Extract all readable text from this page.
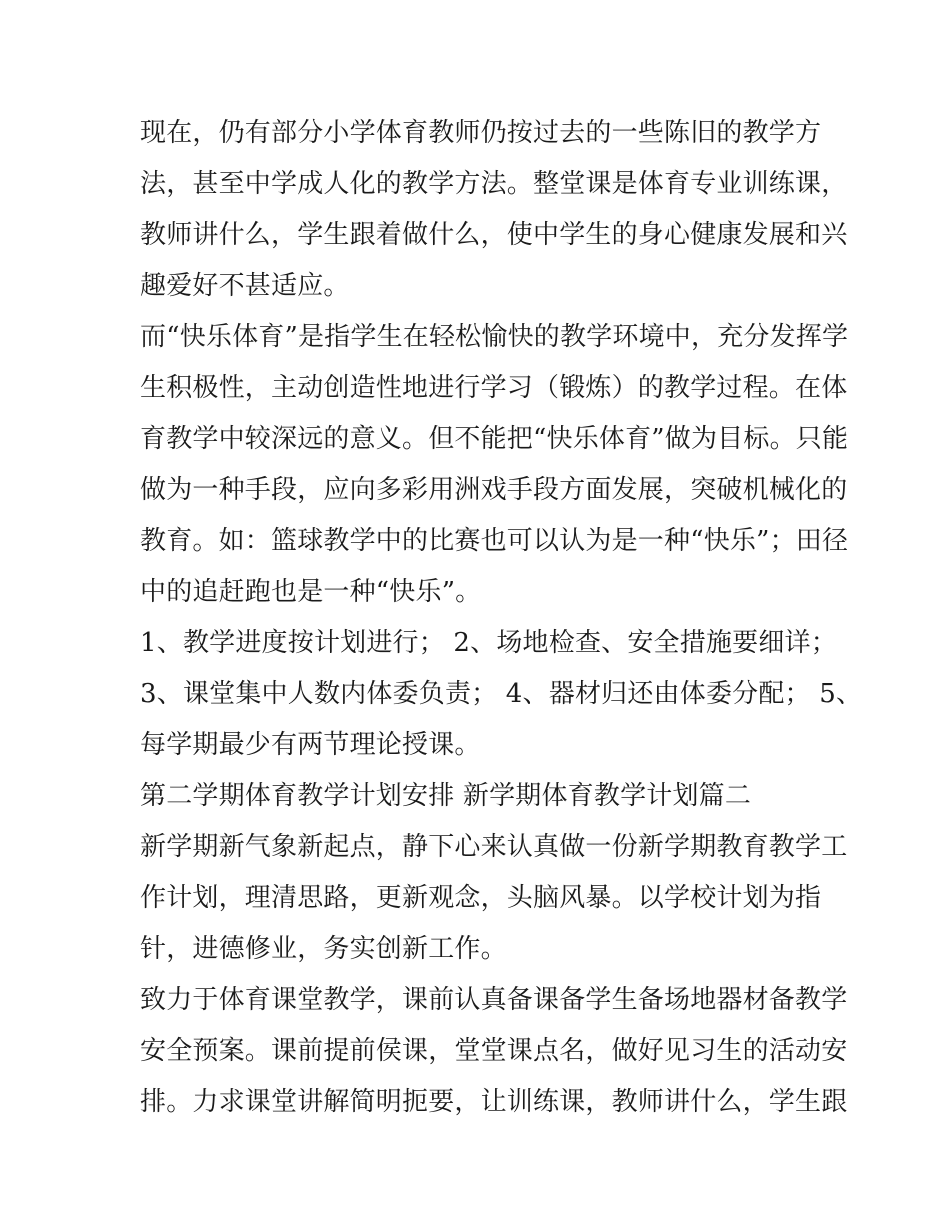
现在，仍有部分小学体育教师仍按过去的一些陈旧的教学方
法，甚至中学成人化的教学方法。整堂课是体育专业训练课，
教师讲什么，学生跟着做什么，使中学生的身心健康发展和兴
趣爱好不甚适应。
而“快乐体育”是指学生在轻松愉快的教学环境中，充分发挥学
生积极性，主动创造性地进行学习（锻炼）的教学过程。在体
育教学中较深远的意义。但不能把“快乐体育”做为目标。只能
做为一种手段，应向多彩用洲戏手段方面发展，突破机械化的
教育。如：篮球教学中的比赛也可以认为是一种“快乐”；田径
中的追赶跑也是一种“快乐”。
1、教学进度按计划进行； 2、场地检查、安全措施要细详；
3、课堂集中人数内体委负责； 4、器材归还由体委分配； 5、
每学期最少有两节理论授课。
第二学期体育教学计划安排 新学期体育教学计划篇二
新学期新气象新起点，静下心来认真做一份新学期教育教学工
作计划，理清思路，更新观念，头脑风暴。以学校计划为指
针，进德修业，务实创新工作。
致力于体育课堂教学，课前认真备课备学生备场地器材备教学
安全预案。课前提前侯课，堂堂课点名，做好见习生的活动安
排。力求课堂讲解简明扼要，让训练课，教师讲什么，学生跟
